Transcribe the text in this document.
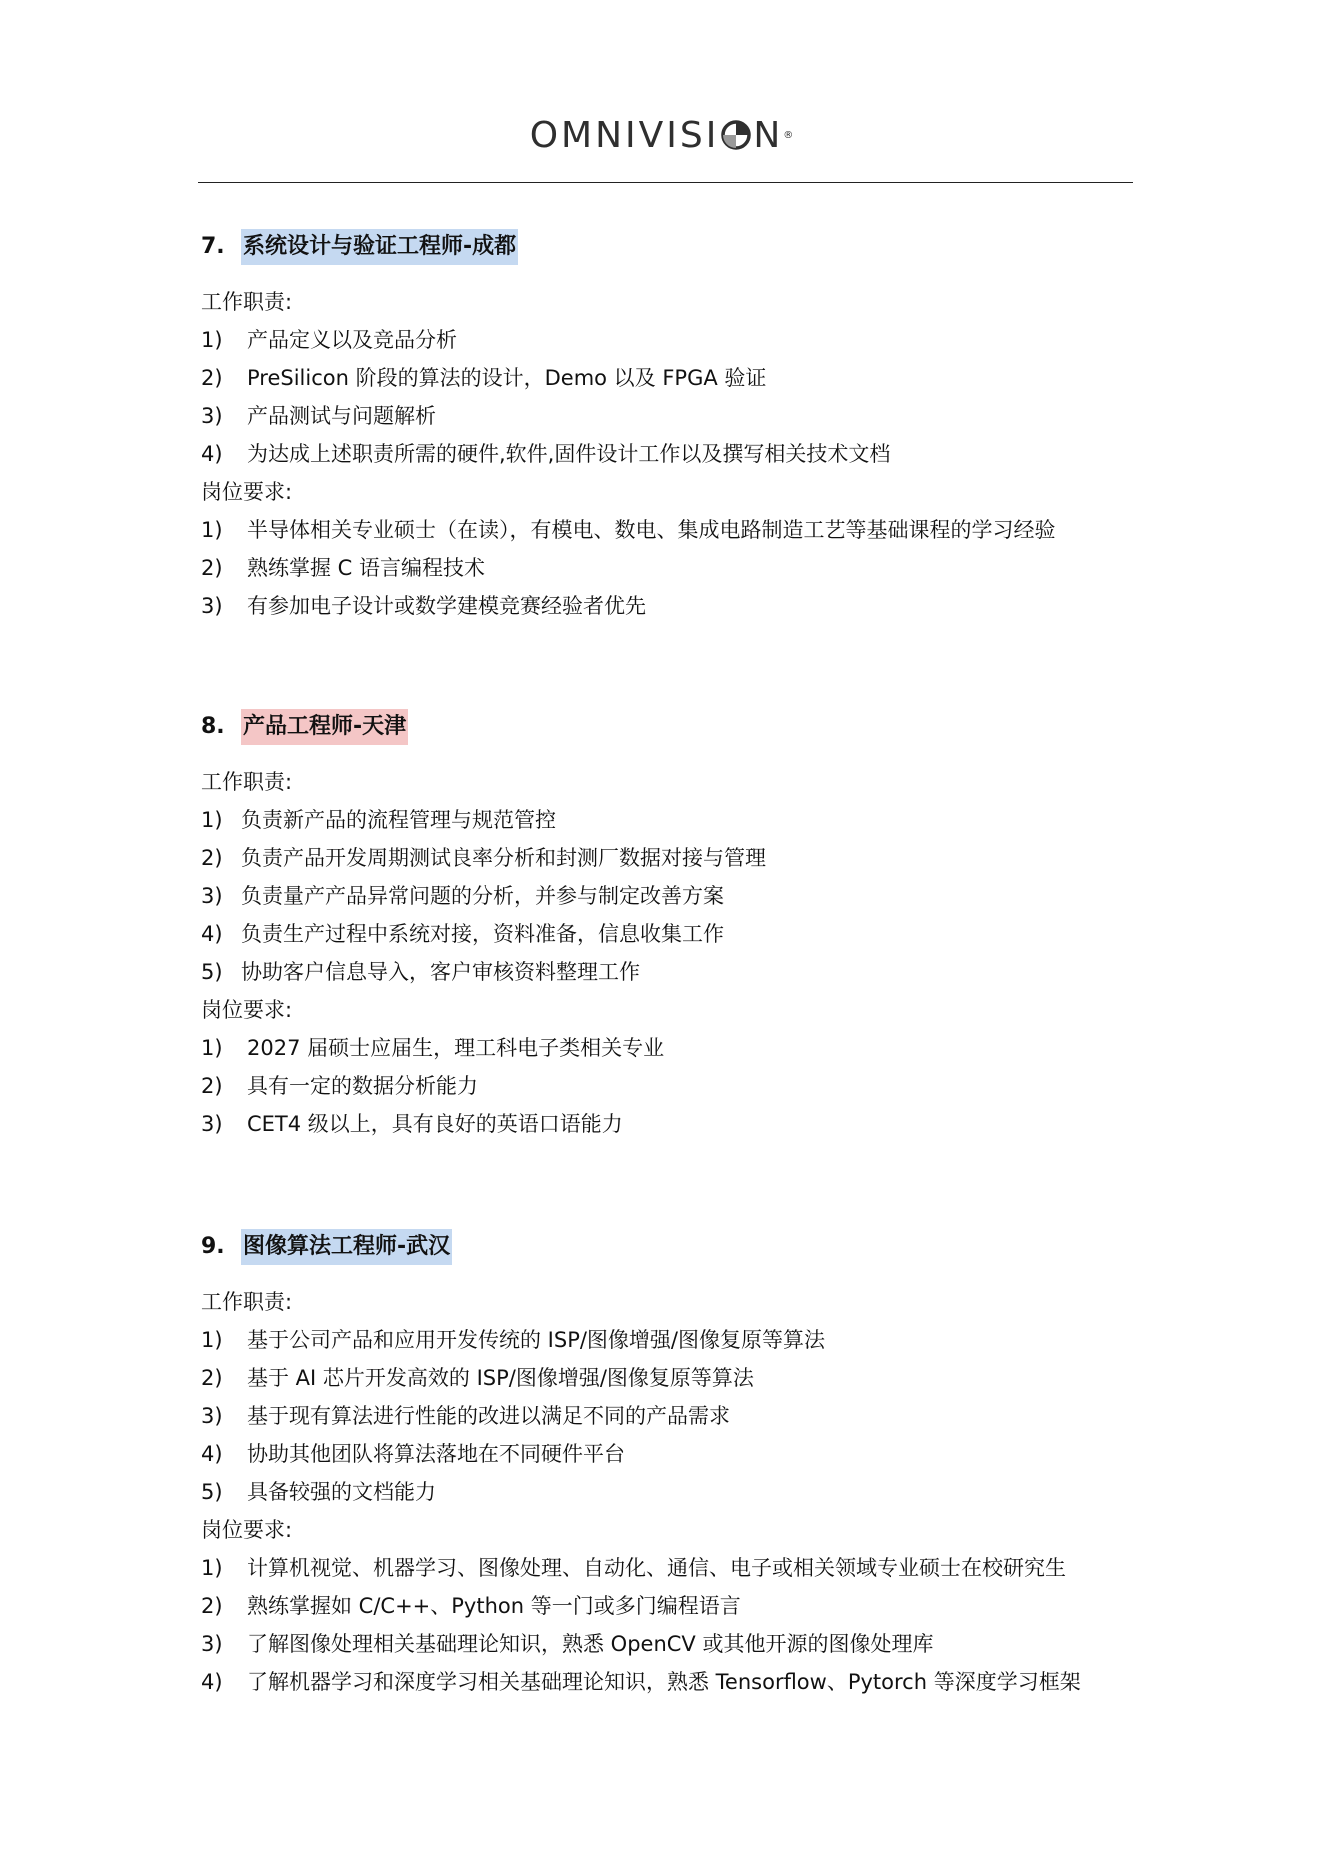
OMNIVISI N®
7. 系统设计与验证工程师-成都
工作职责:
1) 产品定义以及竞品分析
2) PreSilicon 阶段的算法的设计，Demo 以及 FPGA 验证
3) 产品测试与问题解析
4) 为达成上述职责所需的硬件,软件,固件设计工作以及撰写相关技术文档
岗位要求:
1) 半导体相关专业硕士（在读），有模电、数电、集成电路制造工艺等基础课程的学习经验
2) 熟练掌握 C 语言编程技术
3) 有参加电子设计或数学建模竞赛经验者优先
8. 产品工程师-天津
工作职责:
1) 负责新产品的流程管理与规范管控
2) 负责产品开发周期测试良率分析和封测厂数据对接与管理
3) 负责量产产品异常问题的分析，并参与制定改善方案
4) 负责生产过程中系统对接，资料准备，信息收集工作
5) 协助客户信息导入，客户审核资料整理工作
岗位要求:
1) 2027 届硕士应届生，理工科电子类相关专业
2) 具有一定的数据分析能力
3) CET4 级以上，具有良好的英语口语能力
9. 图像算法工程师-武汉
工作职责:
1) 基于公司产品和应用开发传统的 ISP/图像增强/图像复原等算法
2) 基于 AI 芯片开发高效的 ISP/图像增强/图像复原等算法
3) 基于现有算法进行性能的改进以满足不同的产品需求
4) 协助其他团队将算法落地在不同硬件平台
5) 具备较强的文档能力
岗位要求:
1) 计算机视觉、机器学习、图像处理、自动化、通信、电子或相关领域专业硕士在校研究生
2) 熟练掌握如 C/C++、Python 等一门或多门编程语言
3) 了解图像处理相关基础理论知识，熟悉 OpenCV 或其他开源的图像处理库
4) 了解机器学习和深度学习相关基础理论知识，熟悉 Tensorflow、Pytorch 等深度学习框架
